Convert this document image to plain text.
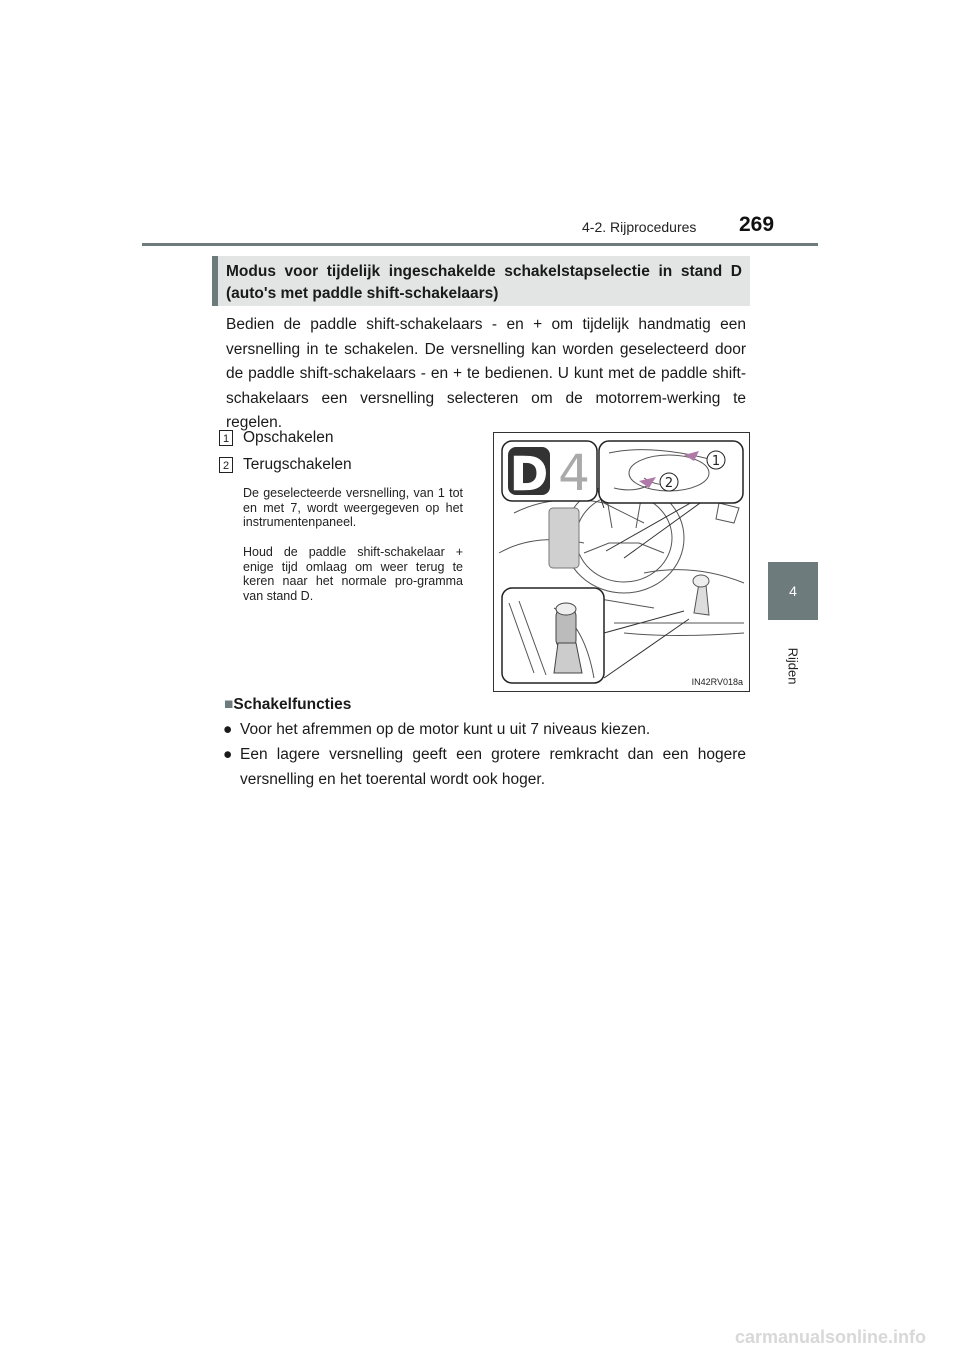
4-2. Rijprocedures 269
4
Rijden
Modus voor tijdelijk ingeschakelde schakelstapselectie in stand D (auto's met paddle shift-schakelaars)
Bedien de paddle shift-schakelaars - en + om tijdelijk handmatig een versnelling in te schakelen. De versnelling kan worden geselecteerd door de paddle shift-schakelaars - en + te bedienen. U kunt met de paddle shift-schakelaars een versnelling selecteren om de motorrem-werking te regelen.
1 Opschakelen
2 Terugschakelen
De geselecteerde versnelling, van 1 tot en met 7, wordt weergegeven op het instrumentenpaneel.
Houd de paddle shift-schakelaar + enige tijd omlaag om weer terug te keren naar het normale pro-gramma van stand D.
D 4	1
2
IN42RV018a
■Schakelfuncties
● Voor het afremmen op de motor kunt u uit 7 niveaus kiezen.
● Een lagere versnelling geeft een grotere remkracht dan een hogere versnelling en het toerental wordt ook hoger.
carmanualsonline.info
